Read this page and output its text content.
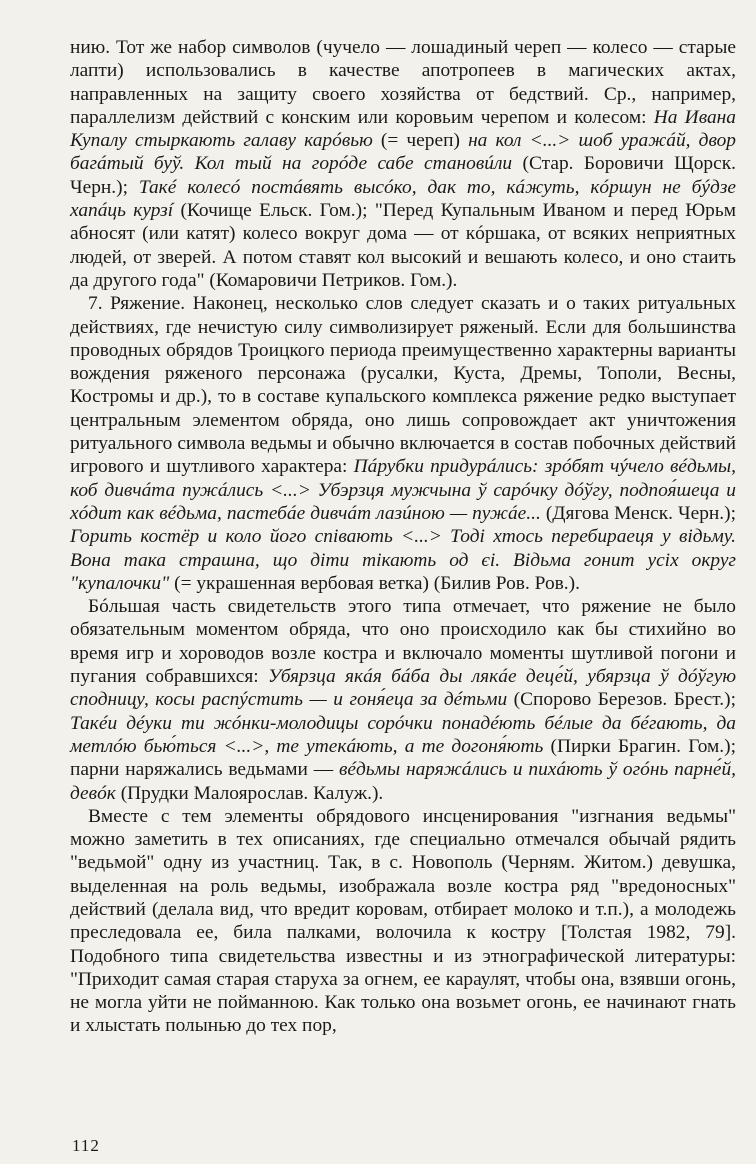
нию. Тот же набор символов (чучело — лошадиный череп — колесо — старые лапти) использовались в качестве апотропеев в магических актах, направленных на защиту своего хозяйства от бедствий. Ср., например, параллелизм действий с конским или коровьим черепом и колесом: На Ивана Купалу стыркають галаву карóвью (= череп) на кол <...> шоб уражáй, двор багáтый буў. Кол тый на горóде сабе становúли (Стар. Боровичи Щорск. Черн.); Такé колесó постáвять высóко, дак то, кáжуть, кóршун не бýдзе хапáць курзí (Кочище Ельск. Гом.); "Перед Купальным Иваном и перед Юрьм абносят (или катят) колесо вокруг дома — от кóршака, от всяких неприятных людей, от зверей. А потом ставят кол высокий и вешають колесо, и оно стаить да другого года" (Комаровичи Петриков. Гом.).

7. Ряжение. Наконец, несколько слов следует сказать и о таких ритуальных действиях, где нечистую силу символизирует ряженый. Если для большинства проводных обрядов Троицкого периода преимущественно характерны варианты вождения ряженого персонажа (русалки, Куста, Дремы, Тополи, Весны, Костромы и др.), то в составе купальского комплекса ряжение редко выступает центральным элементом обряда, оно лишь сопровождает акт уничтожения ритуального символа ведьмы и обычно включается в состав побочных действий игрового и шутливого характера: Пáрубки придурáлись: зрóбят чýчело вéдьмы, коб дивчáта пужáлись <...> Убэрзця мужчына ў сарóчку дóўгу, подпоя́шеца и хóдит как вéдьма, пастебáе дивчáт лазúною — пужáе... (Дягова Менск. Черн.); Горить костёр и коло його спiвають <...> Тодi хтось перебираеця у вiдьму. Вона така страшна, що дiти тiкають од єi. Вiдьма гонит усiх округ "купалочки" (= украшенная вербовая ветка) (Билив Ров. Ров.).

Бóльшая часть свидетельств этого типа отмечает, что ряжение не было обязательным моментом обряда, что оно происходило как бы стихийно во время игр и хороводов возле костра и включало моменты шутливой погони и пугания собравшихся: Убярзца якáя бáба ды лякáе деце́й, убярзца ў дóўгую сподницу, косы распýстить — и гоня́еца за дéтьми (Спорово Березов. Брест.); Такéи дéуки ти жóнки-молодицы сорóчки понадéють бéлые да бéгають, да метлóю бью́ться <...>, те утекáють, а те догоня́ють (Пирки Брагин. Гом.); парни наряжались ведьмами — вéдьмы наряжáлись и пихáють ў огóнь парне́й, девóк (Прудки Малоярослав. Калуж.).

Вместе с тем элементы обрядового инсценирования "изгнания ведьмы" можно заметить в тех описаниях, где специально отмечался обычай рядить "ведьмой" одну из участниц. Так, в с. Новополь (Черням. Житом.) девушка, выделенная на роль ведьмы, изображала возле костра ряд "вредоносных" действий (делала вид, что вредит коровам, отбирает молоко и т.п.), а молодежь преследовала ее, била палками, волочила к костру [Толстая 1982, 79]. Подобного типа свидетельства известны и из этнографической литературы: "Приходит самая старая старуха за огнем, ее караулят, чтобы она, взявши огонь, не могла уйти не пойманною. Как только она возьмет огонь, ее начинают гнать и хлыстать полынью до тех пор,

112
